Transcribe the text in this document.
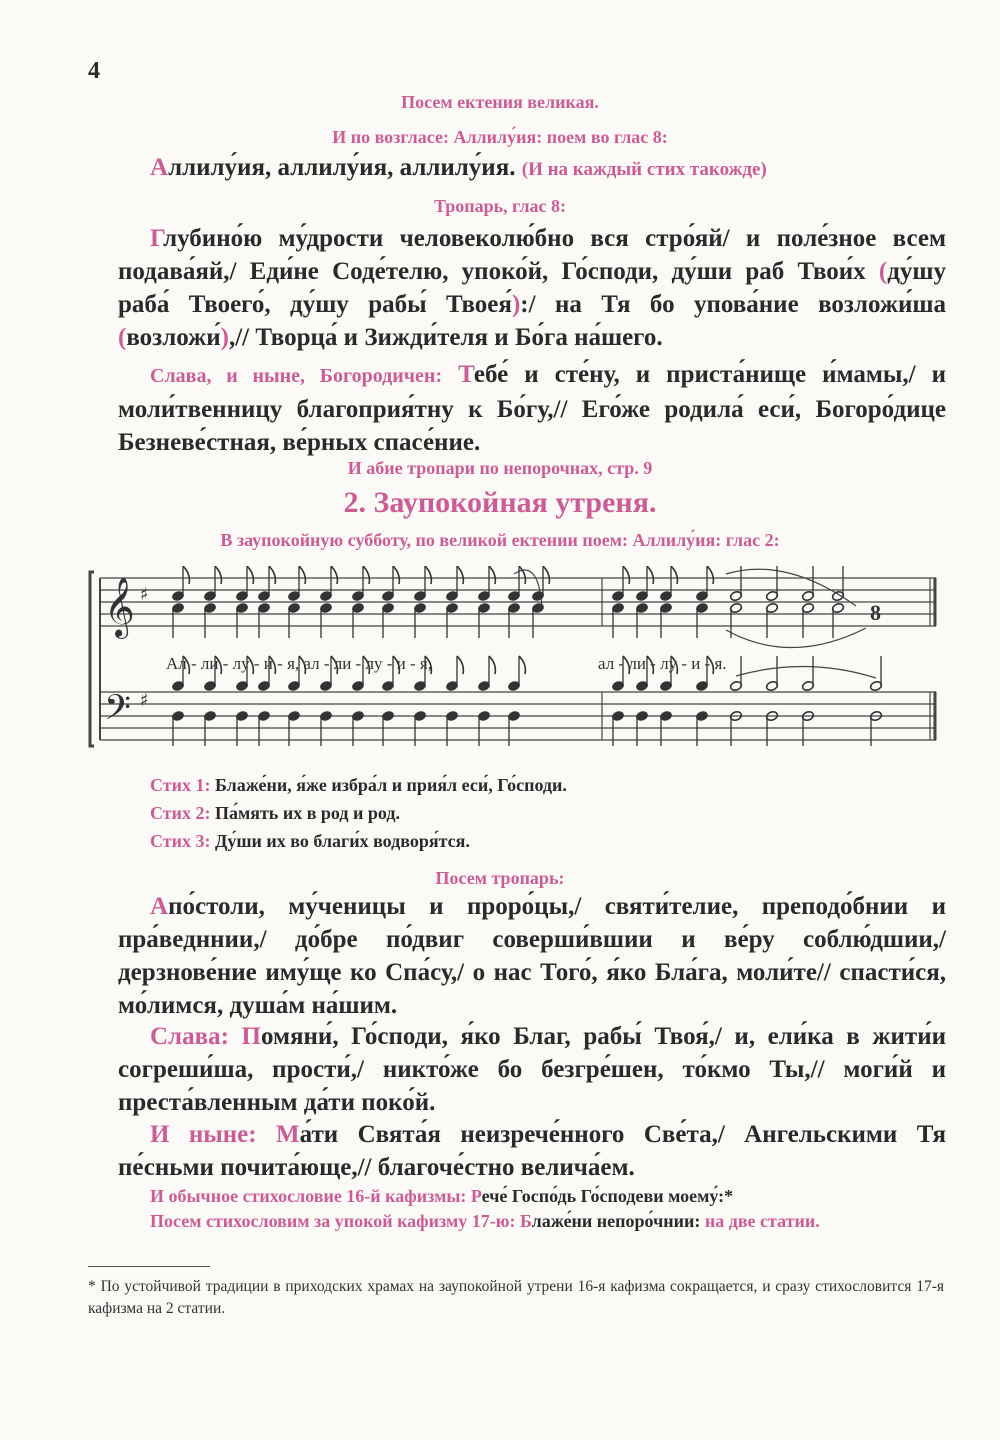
4
Посем ектения великая.
И по возгласе: Аллилу́ия: поем во глас 8:
Аллилу́ия, аллилу́ия, аллилу́ия. (И на каждый стих такожде)
Тропарь, глас 8:
Глубино́ю му́дрости человеколю́бно вся стро́яй/ и поле́зное всем подава́яй,/ Еди́не Соде́телю, упоко́й, Го́споди, ду́ши раб Твои́х (ду́шу раба́ Твоего́, ду́шу рабы́ Твоея́):/ на Тя бо упова́ние возложи́ша (возложи́),// Творца́ и Зижди́теля и Бо́га на́шего.
Слава, и ныне, Богородичен: Тебе́ и сте́ну, и приста́нище и́мамы,/ и моли́твенницу благоприя́тну к Бо́гу,// Его́же родила́ еси́, Богоро́дице Безневе́стная, ве́рных спасе́ние.
И абие тропари по непорочнах, стр. 9
2. Заупокойная утреня.
В заупокойную субботу, по великой ектении поем: Аллилу́ия: глас 2:
𝄞 ♯
𝄢 ♯
8
Ал - ли - лу - и - я, ал - ли - лу - и - я,	ал - ли - лу - и - я.
Стих 1: Блаже́ни, я́же избра́л и прия́л еси́, Го́споди.
Стих 2: Па́мять их в род и род.
Стих 3: Ду́ши их во благи́х водворя́тся.
Посем тропарь:
Апо́столи, му́ченицы и проро́цы,/ святи́телие, преподо́бнии и пра́ведннии,/ до́бре по́двиг соверши́вшии и ве́ру соблю́дшии,/ дерзнове́ние иму́ще ко Спа́су,/ о нас Того́, я́ко Бла́га, моли́те// спасти́ся, мо́лимся, душа́м на́шим.
Слава: Помяни́, Го́споди, я́ко Благ, рабы́ Твоя́,/ и, ели́ка в жити́и согреши́ша, прости́,/ никто́же бо безгре́шен, то́кмо Ты,// моги́й и преста́вленным да́ти поко́й.
И ныне: Ма́ти Свята́я неизрече́нного Све́та,/ Ангельскими Тя пе́сньми почита́юще,// благоче́стно велича́ем.
И обычное стихословие 16-й кафизмы: Рече́ Госпо́дь Го́сподеви моему́:*
Посем стихословим за упокой кафизму 17-ю: Блаже́ни непоро́чнии: на две статии.
* По устойчивой традиции в приходских храмах на заупокойной утрени 16-я кафизма сокращается, и сразу стихословится 17-я кафизма на 2 статии.
